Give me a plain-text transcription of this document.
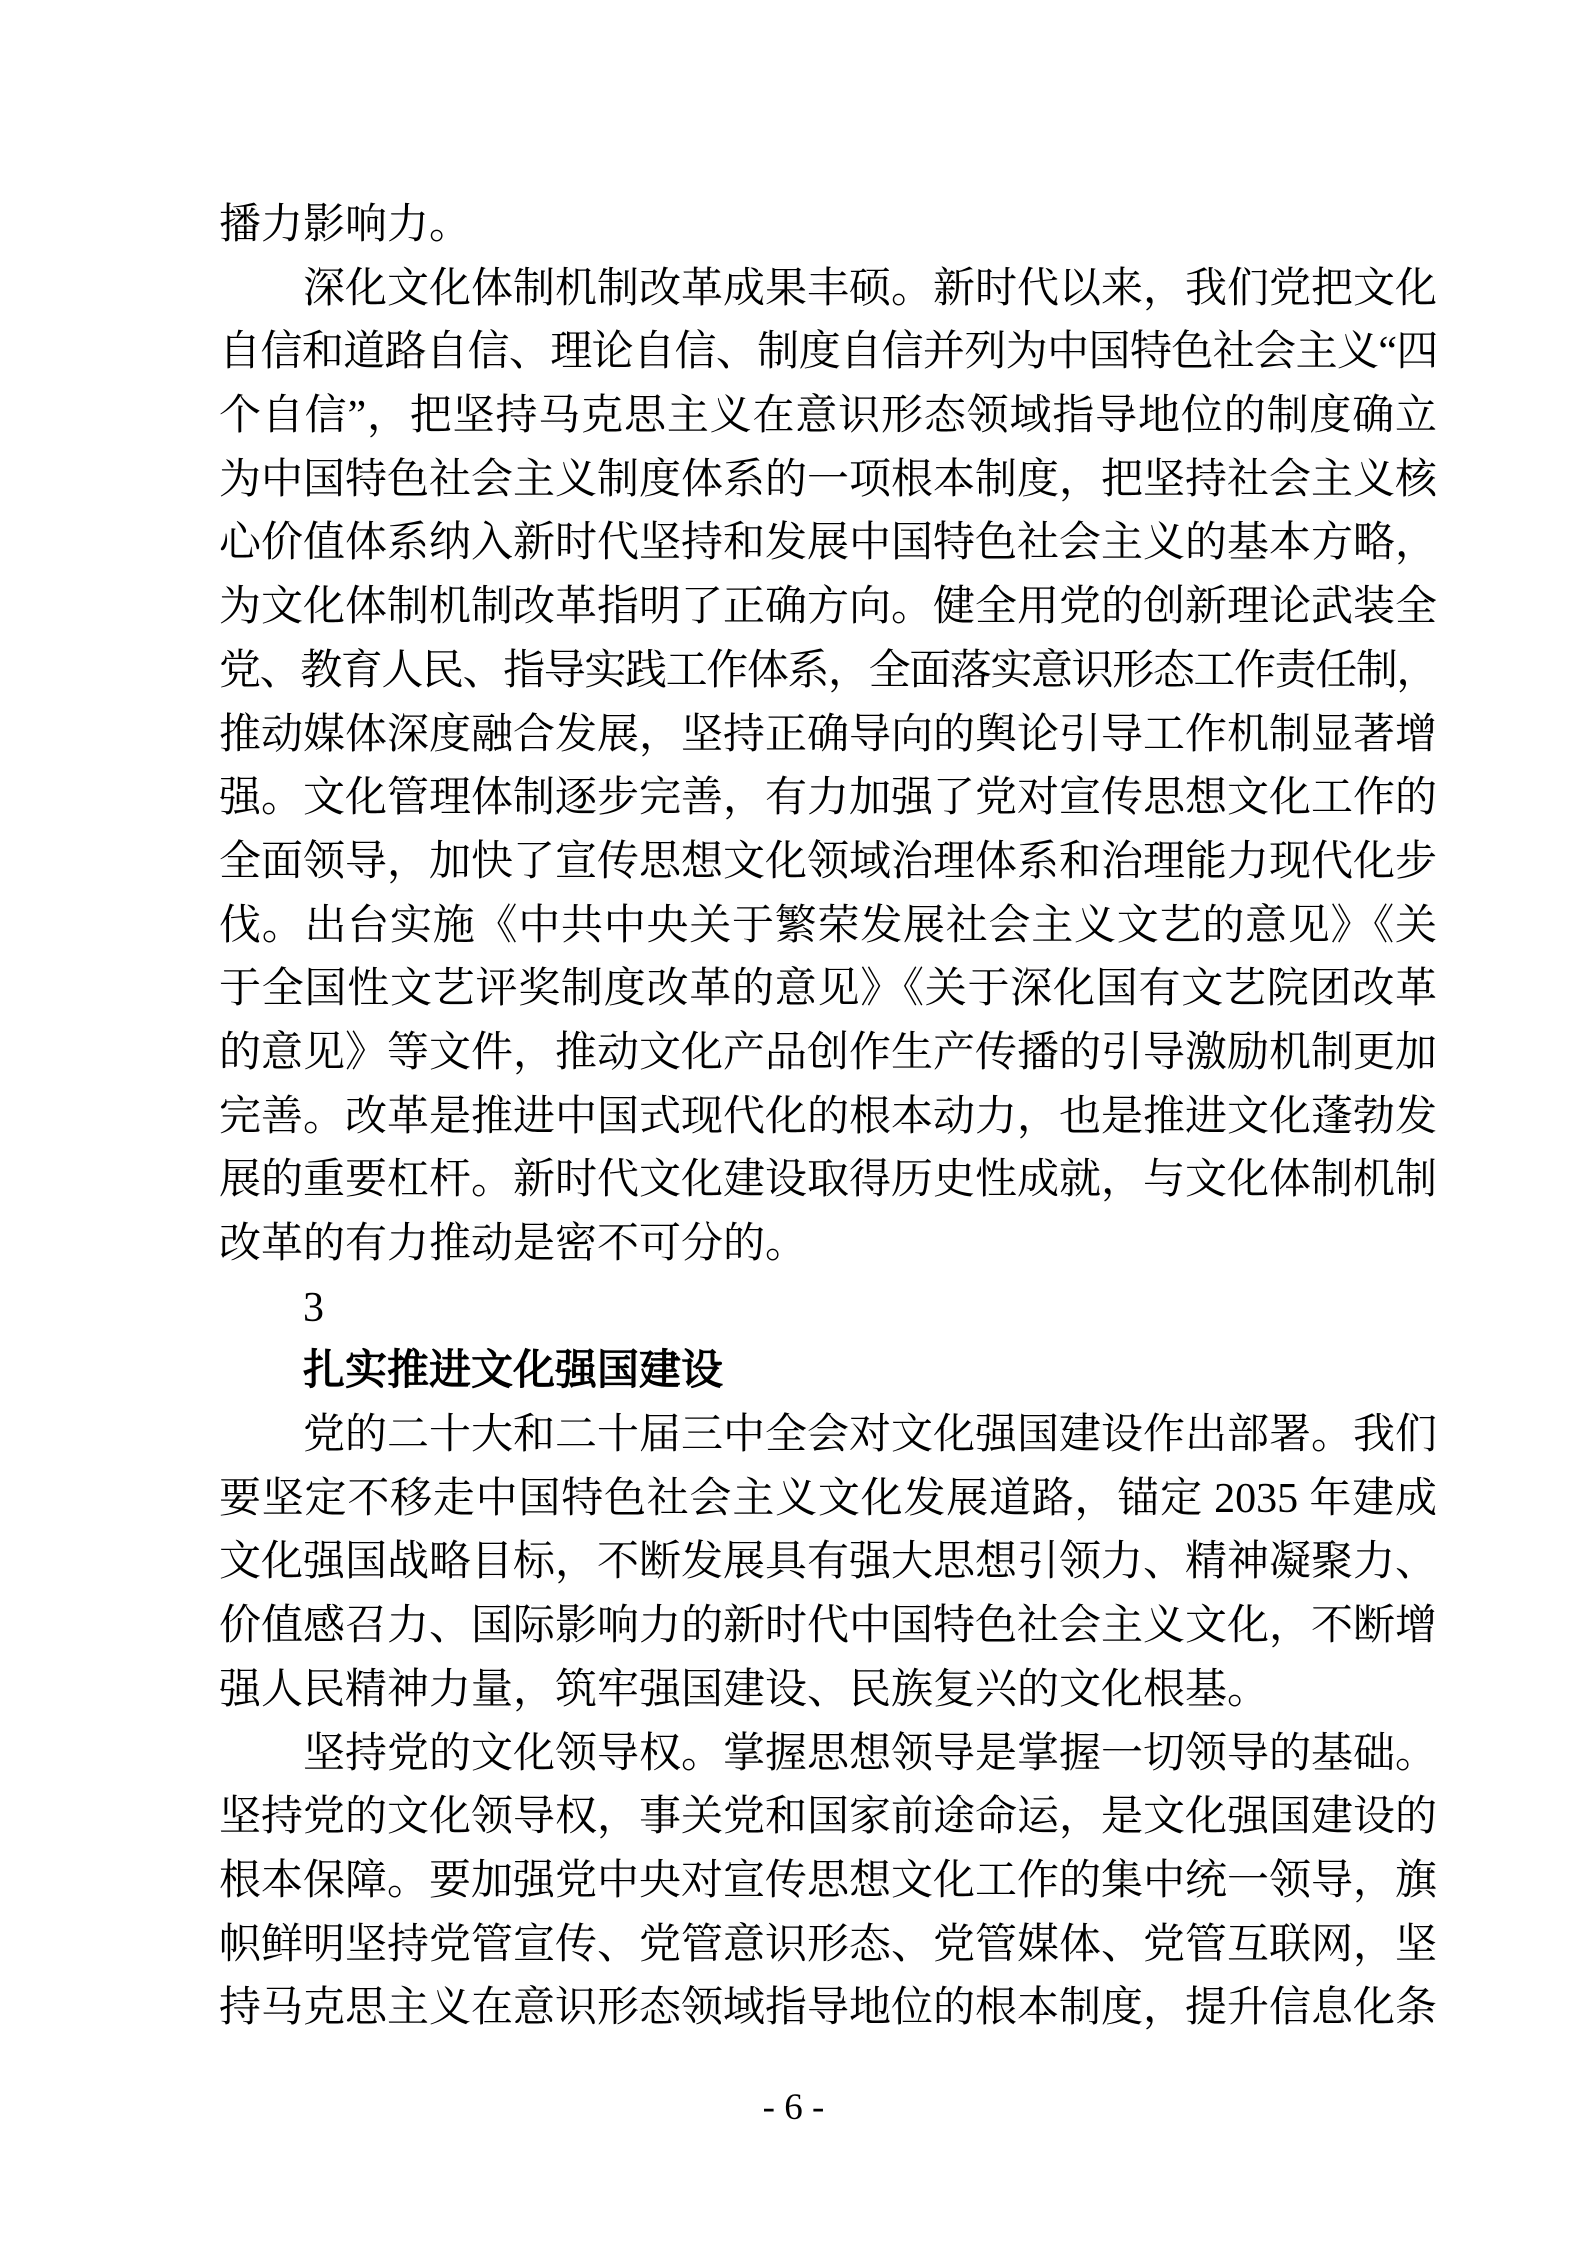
播力影响力。
深化文化体制机制改革成果丰硕。新时代以来，我们党把文化
自信和道路自信、理论自信、制度自信并列为中国特色社会主义“四
个自信”，把坚持马克思主义在意识形态领域指导地位的制度确立
为中国特色社会主义制度体系的一项根本制度，把坚持社会主义核
心价值体系纳入新时代坚持和发展中国特色社会主义的基本方略，
为文化体制机制改革指明了正确方向。健全用党的创新理论武装全
党、教育人民、指导实践工作体系，全面落实意识形态工作责任制，
推动媒体深度融合发展，坚持正确导向的舆论引导工作机制显著增
强。文化管理体制逐步完善，有力加强了党对宣传思想文化工作的
全面领导，加快了宣传思想文化领域治理体系和治理能力现代化步
伐。出台实施《中共中央关于繁荣发展社会主义文艺的意见》《关
于全国性文艺评奖制度改革的意见》《关于深化国有文艺院团改革
的意见》等文件，推动文化产品创作生产传播的引导激励机制更加
完善。改革是推进中国式现代化的根本动力，也是推进文化蓬勃发
展的重要杠杆。新时代文化建设取得历史性成就，与文化体制机制
改革的有力推动是密不可分的。
3
扎实推进文化强国建设
党的二十大和二十届三中全会对文化强国建设作出部署。我们
要坚定不移走中国特色社会主义文化发展道路，锚定 2035 年建成
文化强国战略目标，不断发展具有强大思想引领力、精神凝聚力、
价值感召力、国际影响力的新时代中国特色社会主义文化，不断增
强人民精神力量，筑牢强国建设、民族复兴的文化根基。
坚持党的文化领导权。掌握思想领导是掌握一切领导的基础。
坚持党的文化领导权，事关党和国家前途命运，是文化强国建设的
根本保障。要加强党中央对宣传思想文化工作的集中统一领导，旗
帜鲜明坚持党管宣传、党管意识形态、党管媒体、党管互联网，坚
持马克思主义在意识形态领域指导地位的根本制度，提升信息化条
- 6 -
